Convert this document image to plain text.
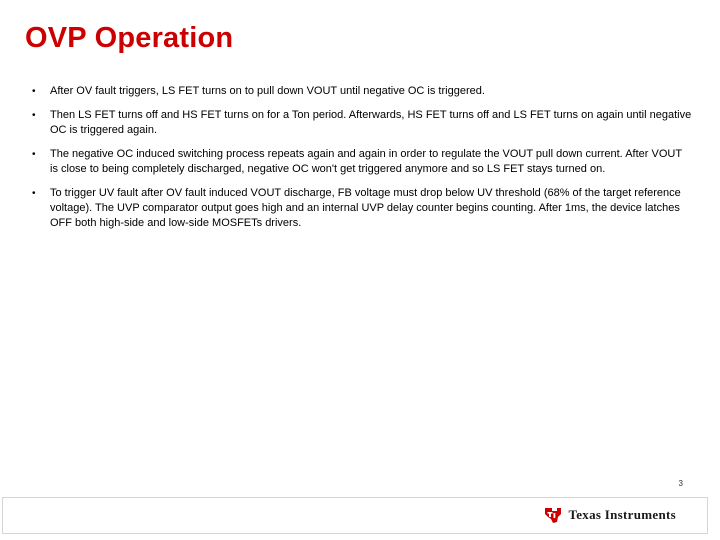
OVP Operation
• After OV fault triggers, LS FET turns on to pull down VOUT until negative OC is triggered.
• Then LS FET turns off and HS FET turns on for a Ton period. Afterwards, HS FET turns off and LS FET turns on again until negative OC is triggered again.
• The negative OC induced switching process repeats again and again in order to regulate the VOUT pull down current. After VOUT is close to being completely discharged, negative OC won't get triggered anymore and so LS FET stays turned on.
• To trigger UV fault after OV fault induced VOUT discharge, FB voltage must drop below UV threshold (68% of the target reference voltage). The UVP comparator output goes high and an internal UVP delay counter begins counting. After 1ms, the device latches OFF both high-side and low-side MOSFETs drivers.
3
Texas Instruments
